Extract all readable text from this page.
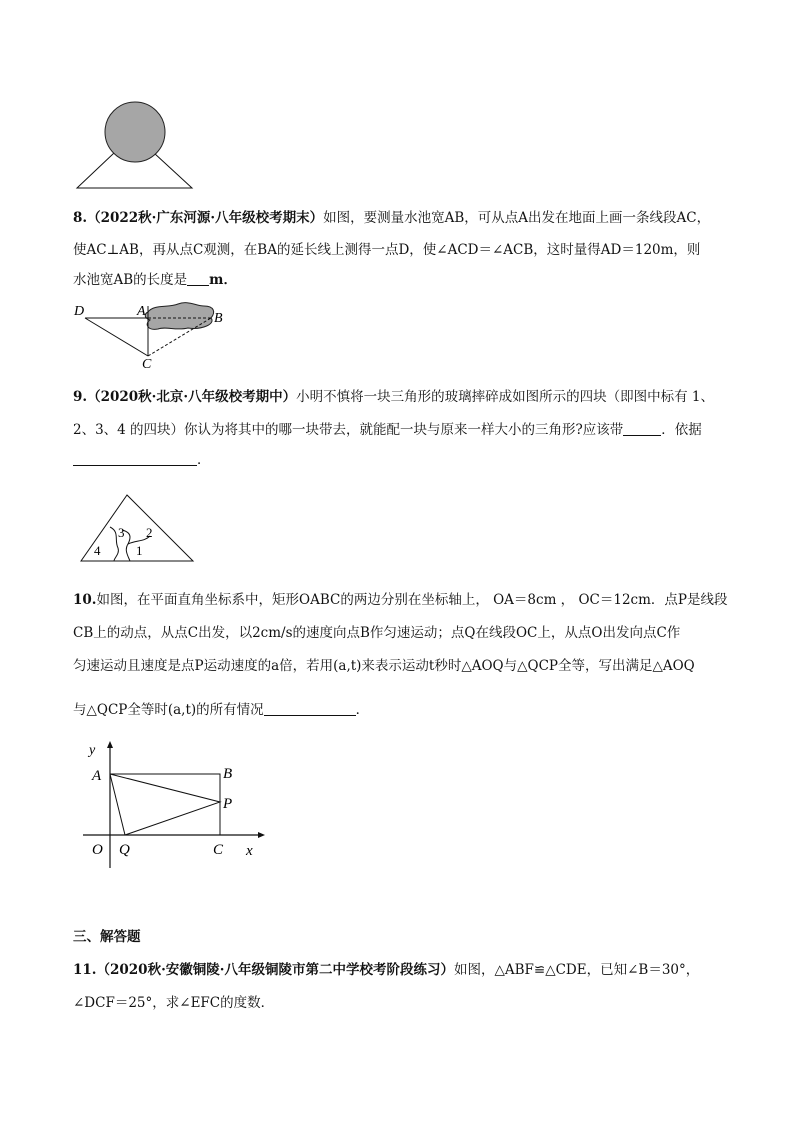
8.（2022秋·广东河源·八年级校考期末）如图，要测量水池宽AB，可从点A出发在地面上画一条线段AC，
使AC⊥AB，再从点C观测，在BA的延长线上测得一点D，使∠ACD＝∠ACB，这时量得AD＝120m，则
水池宽AB的长度是 m．
D	A	B
C
9.（2020秋·北京·八年级校考期中）小明不慎将一块三角形的玻璃摔碎成如图所示的四块（即图中标有 1、
2、3、4 的四块）你认为将其中的哪一块带去，就能配一块与原来一样大小的三角形?应该带	．依据
．
4
3 2
1
10.如图，在平面直角坐标系中，矩形OABC的两边分别在坐标轴上， OA＝8cm ， OC＝12cm．点P是线段
CB上的动点，从点C出发，以2cm/s的速度向点B作匀速运动；点Q在线段OC上，从点O出发向点C作
匀速运动且速度是点P运动速度的a倍，若用(a,t)来表示运动t秒时△AOQ与△QCP全等，写出满足△AOQ
与△QCP全等时(a,t)的所有情况	．
y
A	B
P
O Q	C x
三、解答题
11.（2020秋·安徽铜陵·八年级铜陵市第二中学校考阶段练习）如图，△ABF≌△CDE，已知∠B＝30°，
∠DCF＝25°，求∠EFC的度数．
